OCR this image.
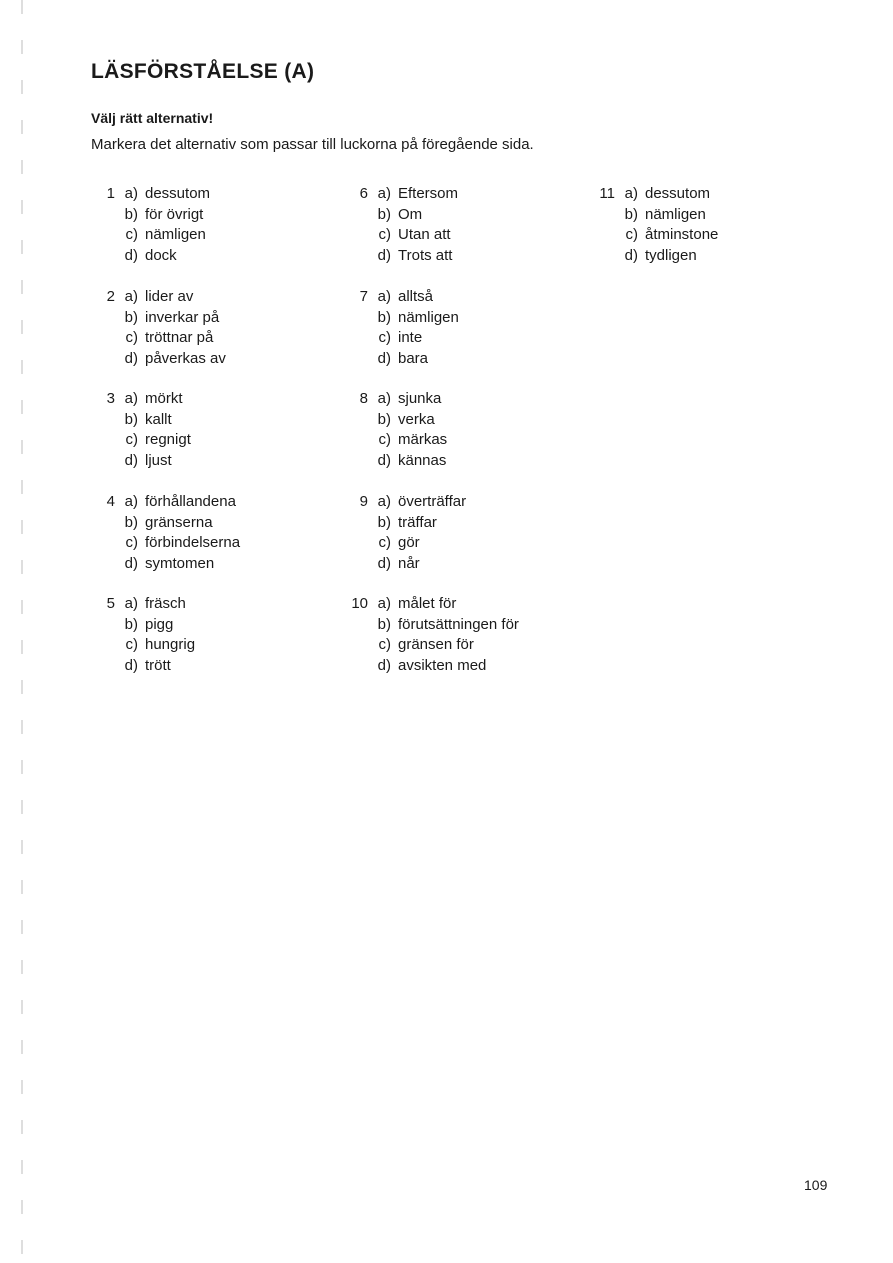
LÄSFÖRSTÅELSE (A)

Välj rätt alternativ!

Markera det alternativ som passar till luckorna på föregående sida.

1 a) dessutom
b) för övrigt
c) nämligen
d) dock
2 a) lider av
b) inverkar på
c) tröttnar på
d) påverkas av
3 a) mörkt
b) kallt
c) regnigt
d) ljust
4 a) förhållandena
b) gränserna
c) förbindelserna
d) symtomen
5 a) fräsch
b) pigg
c) hungrig
d) trött
6 a) Eftersom
b) Om
c) Utan att
d) Trots att
7 a) alltså
b) nämligen
c) inte
d) bara
8 a) sjunka
b) verka
c) märkas
d) kännas
9 a) överträffar
b) träffar
c) gör
d) når
10 a) målet för
b) förutsättningen för
c) gränsen för
d) avsikten med
11 a) dessutom
b) nämligen
c) åtminstone
d) tydligen
109
